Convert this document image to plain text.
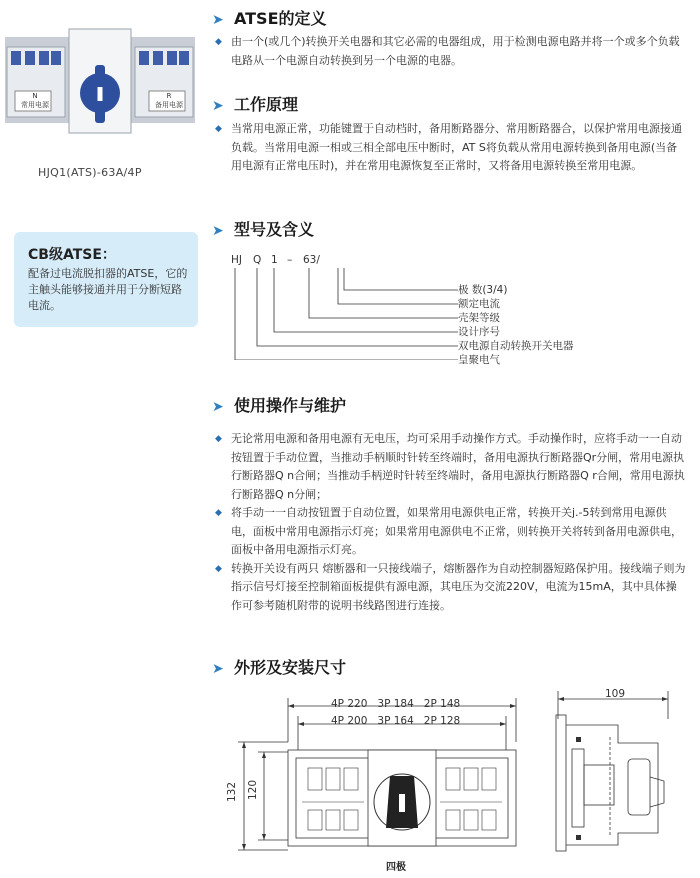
N
常用电源
R
备用电源
HJQ1(ATS)-63A/4P
CB级ATSE：
配备过电流脱扣器的ATSE，它的主触头能够接通并用于分断短路电流。
➤ ATSE的定义
◆ 由一个(或几个)转换开关电器和其它必需的电器组成，用于检测电源电路并将一个或多个负载电路从一个电源自动转换到另一个电源的电器。
➤ 工作原理
◆ 当常用电源正常，功能键置于自动档时，备用断路器分、常用断路器合，以保护常用电源接通负载。当常用电源一相或三相全部电压中断时，AT S将负载从常用电源转换到备用电源(当备用电源有正常电压时)，并在常用电源恢复至正常时，又将备用电源转换至常用电源。
➤ 型号及含义
HJ Q 1 – 63/
极 数(3/4)
额定电流
壳架等级
设计序号
双电源自动转换开关电器
皇聚电气
➤ 使用操作与维护
◆ 无论常用电源和备用电源有无电压，均可采用手动操作方式。手动操作时，应将手动一一自动按钮置于手动位置，当推动手柄顺时针转至终端时，备用电源执行断路器Qr分闸，常用电源执行断路器Q n合闸；当推动手柄逆时针转至终端时，备用电源执行断路器Q r合闸，常用电源执行断路器Q n分闸；
◆ 将手动一一自动按钮置于自动位置，如果常用电源供电正常，转换开关j.-5转到常用电源供电，面板中常用电源指示灯亮；如果常用电源供电不正常，则转换开关将转到备用电源供电，面板中备用电源指示灯亮。
◆ 转换开关设有两只 熔断器和一只接线端子，熔断器作为自动控制器短路保护用。接线端子则为指示信号灯接至控制箱面板提供有源电源，其电压为交流220V，电流为15mA，其中具体操作可参考随机附带的说明书线路图进行连接。
➤ 外形及安装尺寸
4P 220   3P 184   2P 148
4P 200   3P 164   2P 128
132 120
四极
109
